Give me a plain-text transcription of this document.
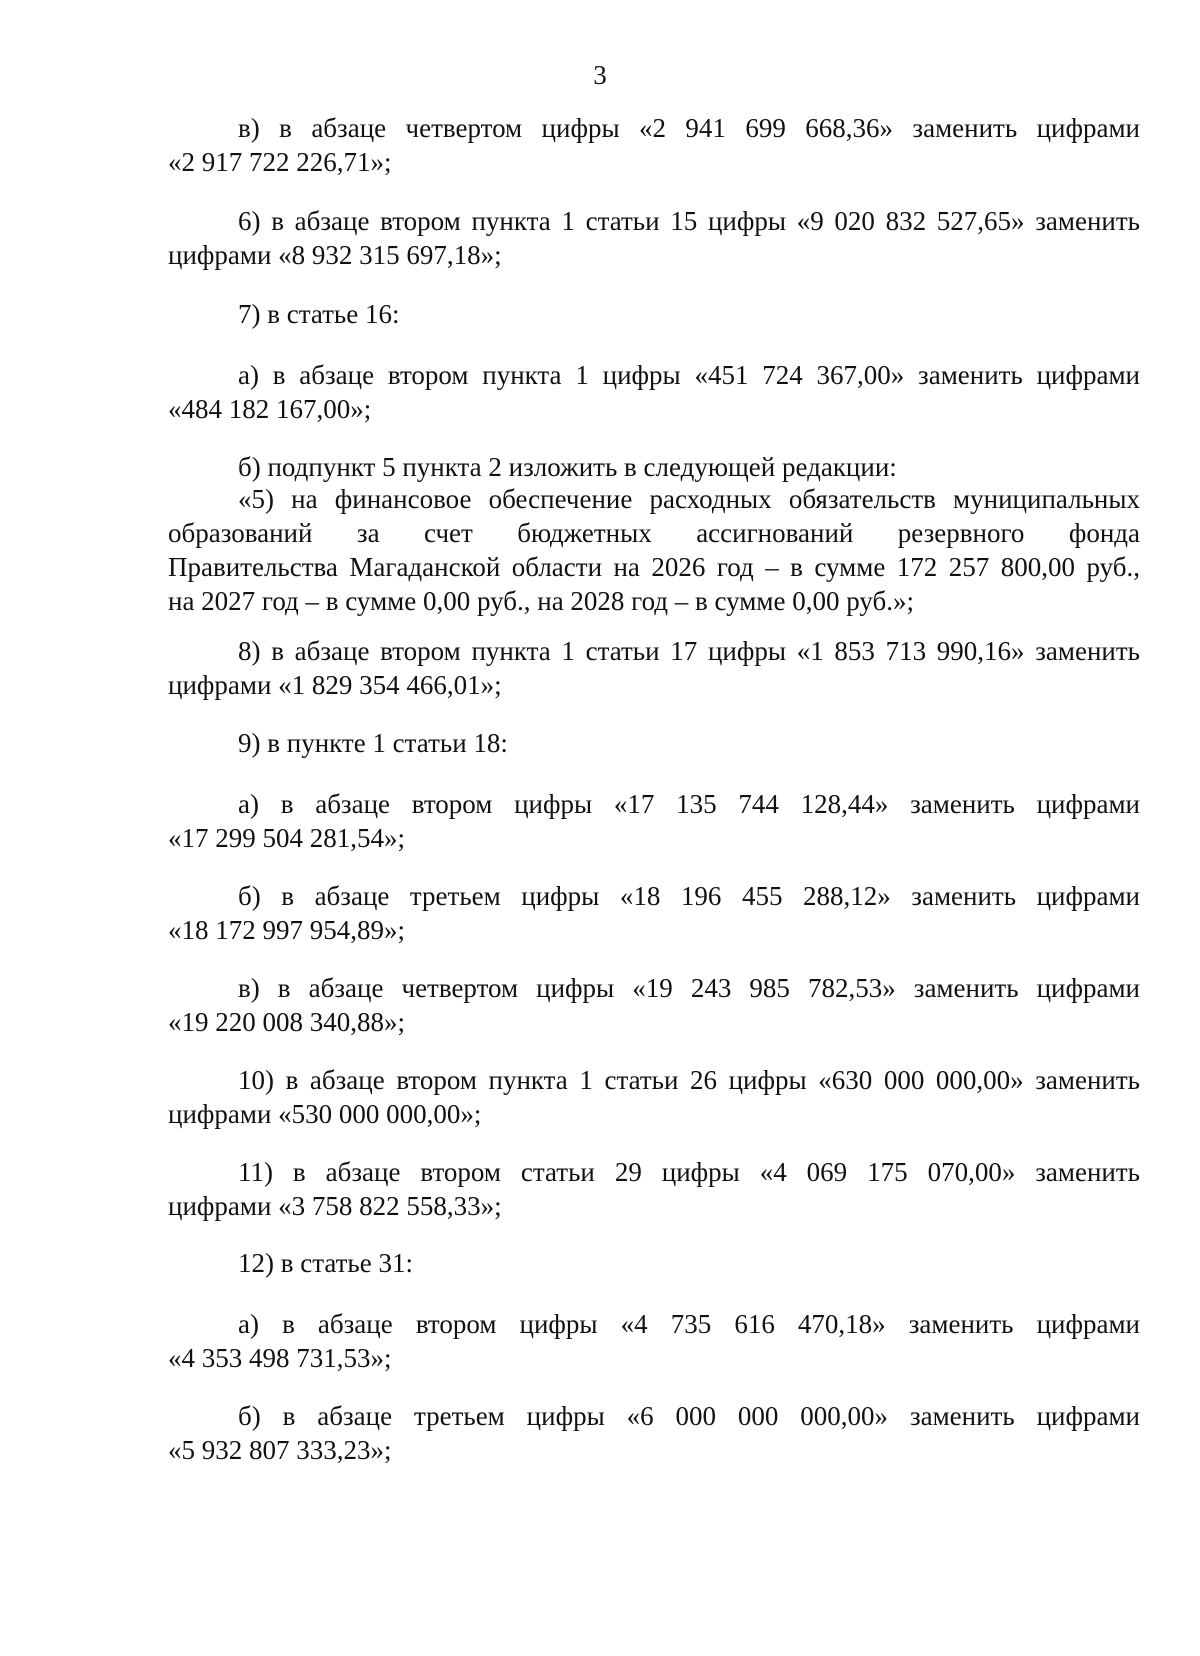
3
в) в абзаце четвертом цифры «2 941 699 668,36» заменить цифрами
«2 917 722 226,71»;
6) в абзаце втором пункта 1 статьи 15 цифры «9 020 832 527,65» заменить
цифрами «8 932 315 697,18»;
7) в статье 16:
а) в абзаце втором пункта 1 цифры «451 724 367,00» заменить цифрами
«484 182 167,00»;
б) подпункт 5 пункта 2 изложить в следующей редакции:
«5) на финансовое обеспечение расходных обязательств муниципальных
образований за счет бюджетных ассигнований резервного фонда
Правительства Магаданской области на 2026 год – в сумме 172 257 800,00 руб.,
на 2027 год – в сумме 0,00 руб., на 2028 год – в сумме 0,00 руб.»;
8) в абзаце втором пункта 1 статьи 17 цифры «1 853 713 990,16» заменить
цифрами «1 829 354 466,01»;
9) в пункте 1 статьи 18:
а) в абзаце втором цифры «17 135 744 128,44» заменить цифрами
«17 299 504 281,54»;
б) в абзаце третьем цифры «18 196 455 288,12» заменить цифрами
«18 172 997 954,89»;
в) в абзаце четвертом цифры «19 243 985 782,53» заменить цифрами
«19 220 008 340,88»;
10) в абзаце втором пункта 1 статьи 26 цифры «630 000 000,00» заменить
цифрами «530 000 000,00»;
11) в абзаце втором статьи 29 цифры «4 069 175 070,00» заменить
цифрами «3 758 822 558,33»;
12) в статье 31:
а) в абзаце втором цифры «4 735 616 470,18» заменить цифрами
«4 353 498 731,53»;
б) в абзаце третьем цифры «6 000 000 000,00» заменить цифрами
«5 932 807 333,23»;
